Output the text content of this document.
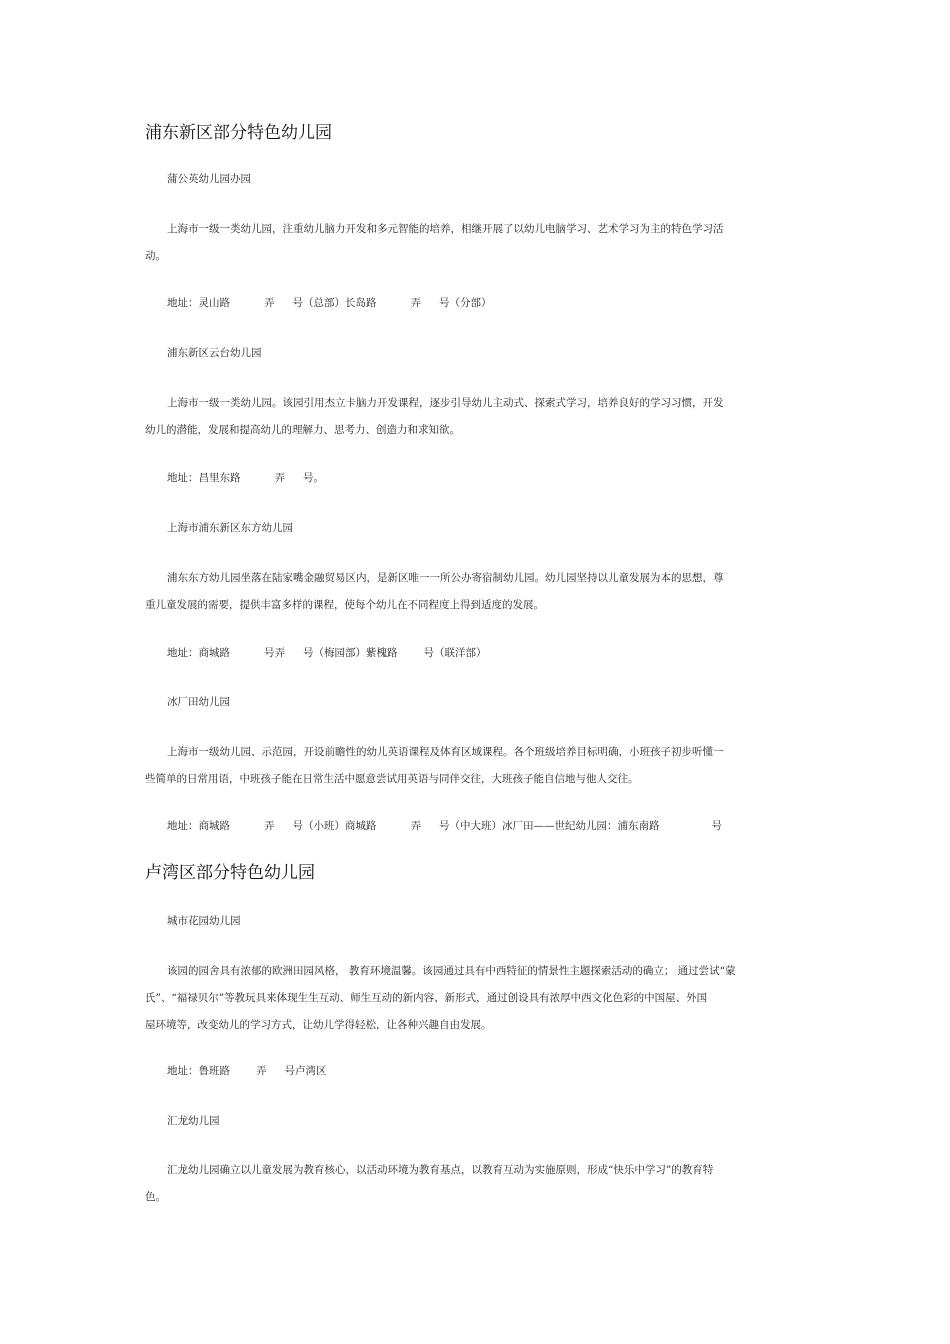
浦东新区部分特色幼儿园
蒲公英幼儿园办园
上海市一级一类幼儿园，注重幼儿脑力开发和多元智能的培养，相继开展了以幼儿电脑学习、艺术学习为主的特色学习活
动。
地址：灵山路	弄 号（总部）长岛路	弄 号（分部）
浦东新区云台幼儿园
上海市一级一类幼儿园。该园引用杰立卡脑力开发课程，逐步引导幼儿主动式、探索式学习，培养良好的学习习惯，开发
幼儿的潜能，发展和提高幼儿的理解力、思考力、创造力和求知欲。
地址：昌里东路	弄 号。
上海市浦东新区东方幼儿园
浦东东方幼儿园坐落在陆家嘴金融贸易区内，是新区唯一一所公办寄宿制幼儿园。幼儿园坚持以儿童发展为本的思想，尊
重儿童发展的需要，提供丰富多样的课程，使每个幼儿在不同程度上得到适度的发展。
地址：商城路	号弄 号（梅园部）紫槐路 号（联洋部）
冰厂田幼儿园
上海市一级幼儿园、示范园，开设前瞻性的幼儿英语课程及体育区域课程。各个班级培养目标明确，小班孩子初步听懂一
些简单的日常用语，中班孩子能在日常生活中愿意尝试用英语与同伴交往，大班孩子能自信地与他人交往。
地址：商城路	弄 号（小班）商城路	弄 号（中大班）冰厂田——世纪幼儿园：浦东南路	号
卢湾区部分特色幼儿园
城市花园幼儿园
该园的园舍具有浓郁的欧洲田园风格， 教育环境温馨。该园通过具有中西特征的情景性主题探索活动的确立； 通过尝试“蒙
氏”、“福禄贝尔”等教玩具来体现生生互动、师生互动的新内容、新形式，通过创设具有浓厚中西文化色彩的中国屋、外国
屋环境等，改变幼儿的学习方式，让幼儿学得轻松，让各种兴趣自由发展。
地址：鲁班路 弄 号卢湾区
汇龙幼儿园
汇龙幼儿园确立以儿童发展为教育核心，以活动环境为教育基点，以教育互动为实施原则，形成“快乐中学习”的教育特
色。
